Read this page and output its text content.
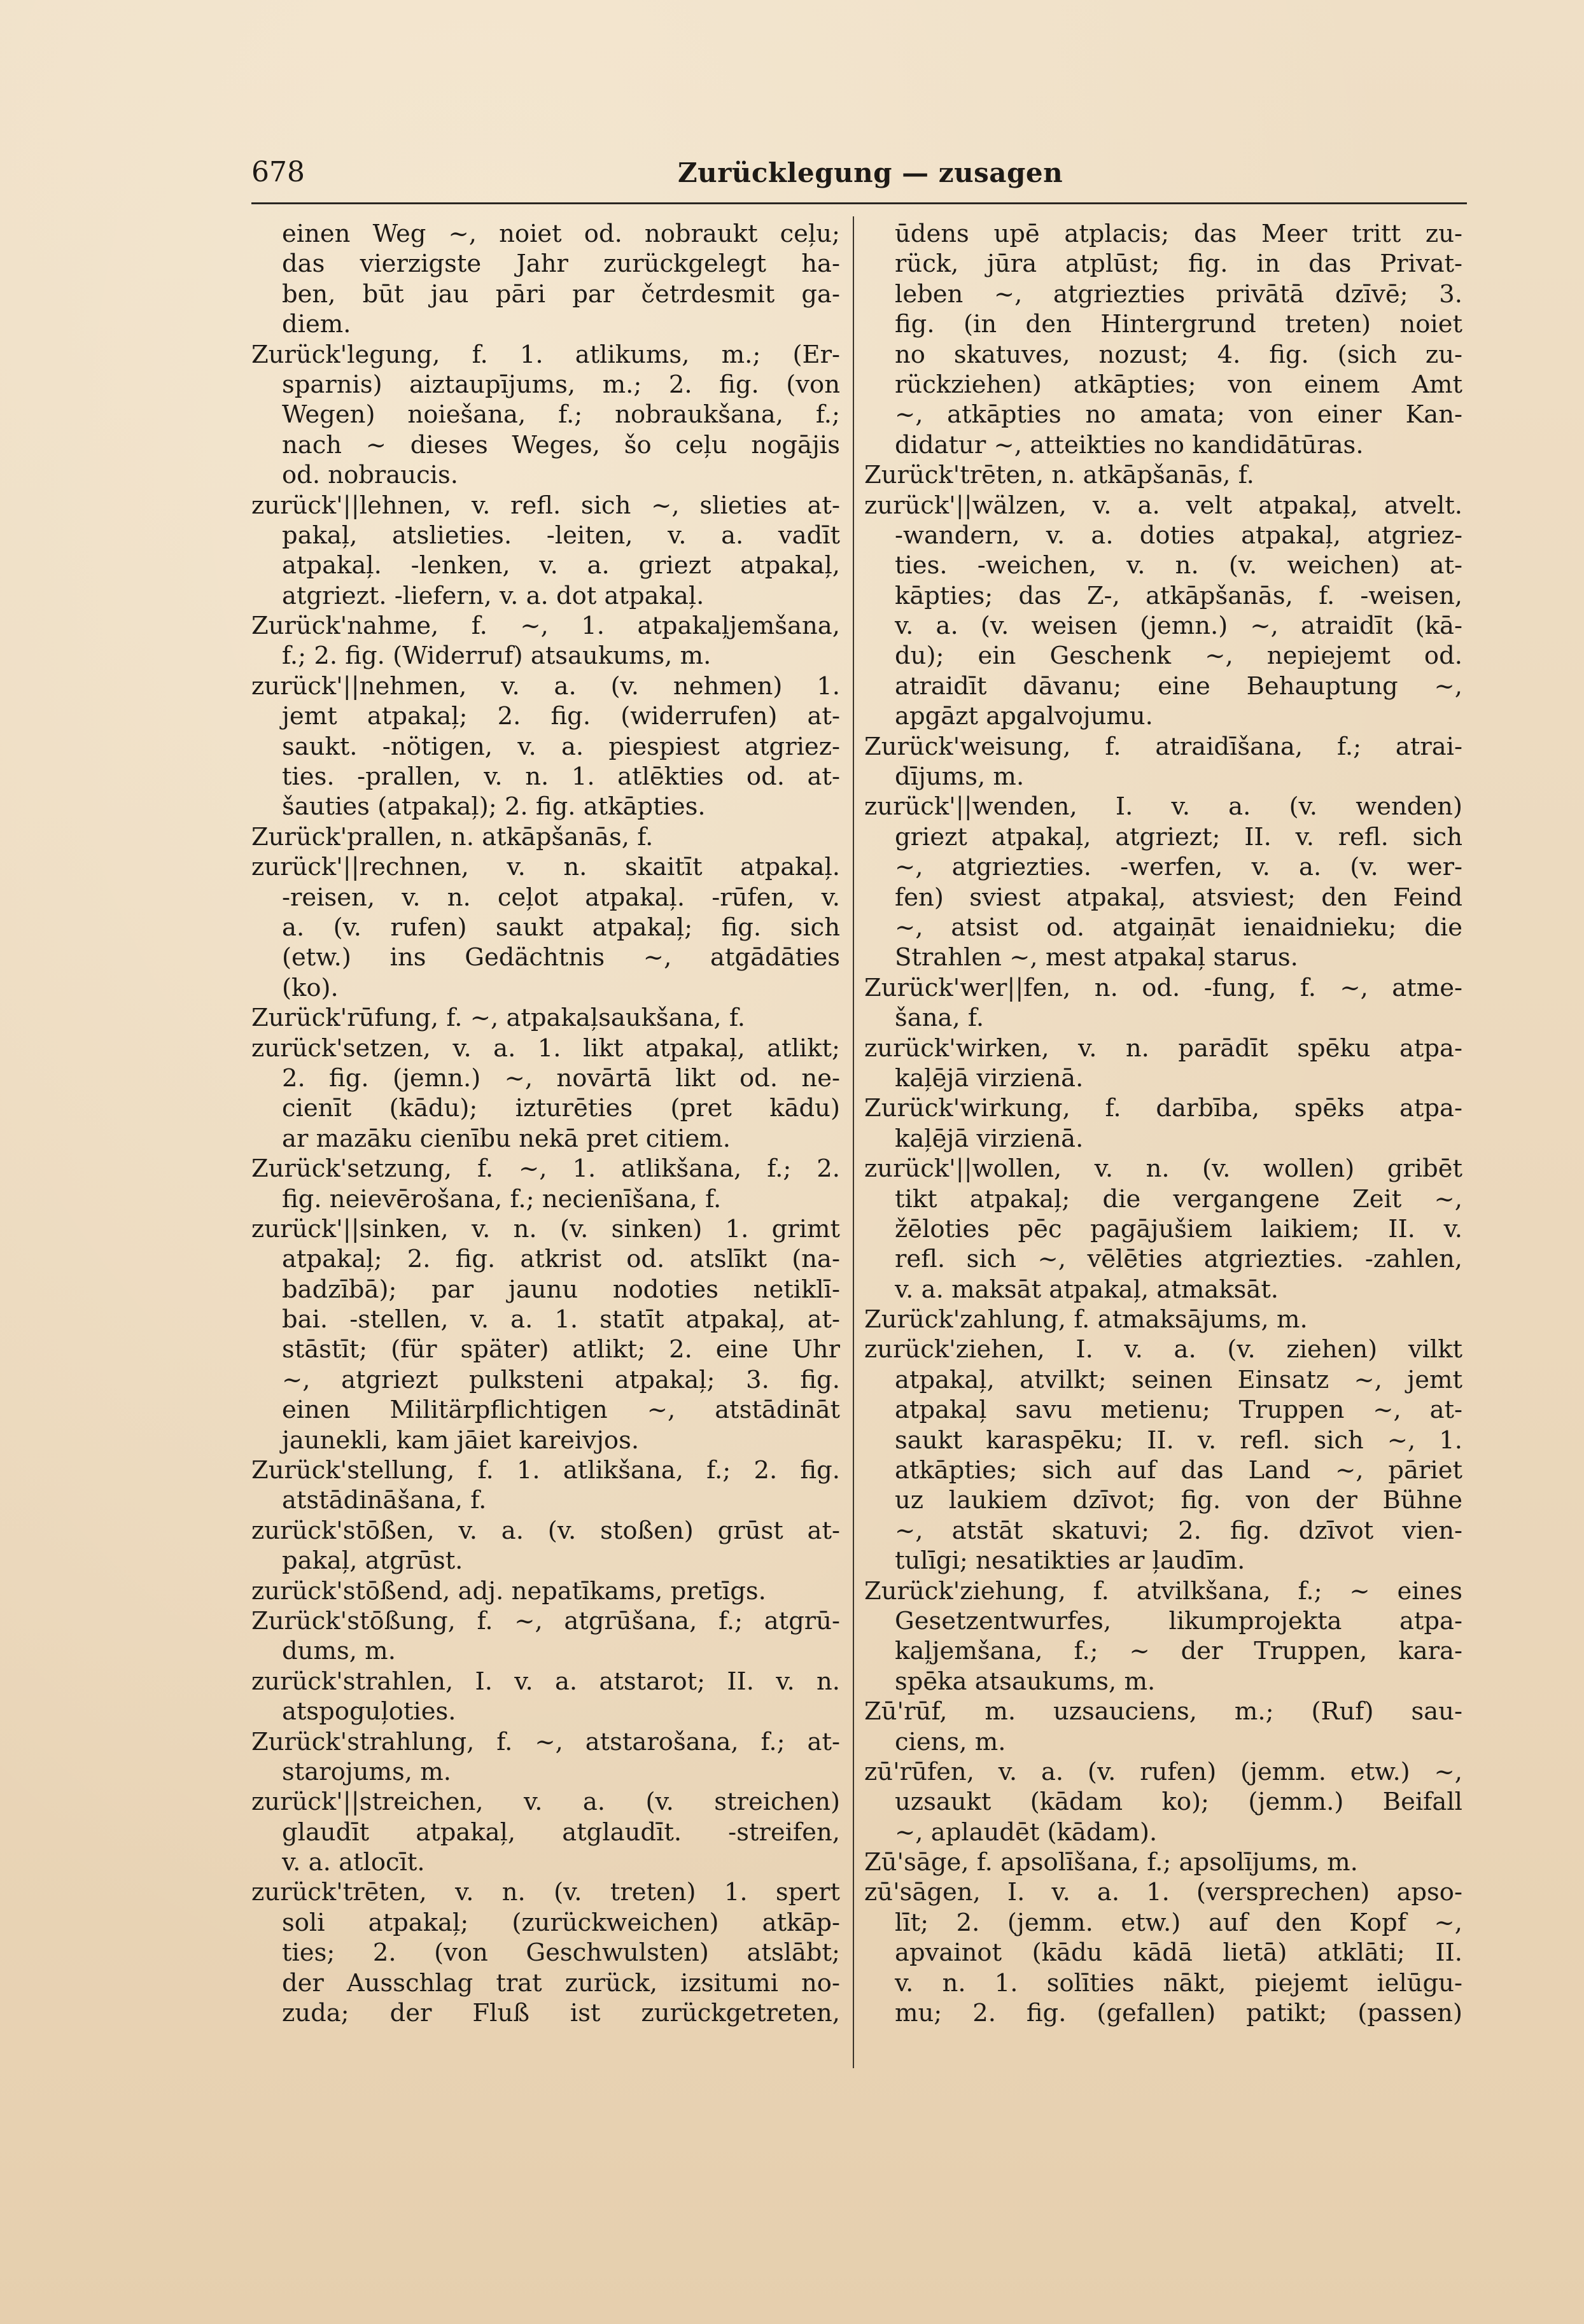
678	Zurücklegung — zusagen
einen Weg ~, noiet od. nobraukt ceļu;
das vierzigste Jahr zurückgelegt ha-
ben, būt jau pāri par četrdesmit ga-
diem.
Zurück'legung, f. 1. atlikums, m.; (Er-
sparnis) aiztaupījums, m.; 2. fig. (von
Wegen) noiešana, f.; nobraukšana, f.;
nach ~ dieses Weges, šo ceļu nogājis
od. nobraucis.
zurück'||lehnen, v. refl. sich ~, slieties at-
pakaļ, atslieties. -leiten, v. a. vadīt
atpakaļ. -lenken, v. a. griezt atpakaļ,
atgriezt. -liefern, v. a. dot atpakaļ.
Zurück'nahme, f. ~, 1. atpakaļjemšana,
f.; 2. fig. (Widerruf) atsaukums, m.
zurück'||nehmen, v. a. (v. nehmen) 1.
jemt atpakaļ; 2. fig. (widerrufen) at-
saukt. -nötigen, v. a. piespiest atgriez-
ties. -prallen, v. n. 1. atlēkties od. at-
šauties (atpakaļ); 2. fig. atkāpties.
Zurück'prallen, n. atkāpšanās, f.
zurück'||rechnen, v. n. skaitīt atpakaļ.
-reisen, v. n. ceļot atpakaļ. -rūfen, v.
a. (v. rufen) saukt atpakaļ; fig. sich
(etw.) ins Gedächtnis ~, atgādāties
(ko).
Zurück'rūfung, f. ~, atpakaļsaukšana, f.
zurück'setzen, v. a. 1. likt atpakaļ, atlikt;
2. fig. (jemn.) ~, novārtā likt od. ne-
cienīt (kādu); izturēties (pret kādu)
ar mazāku cienību nekā pret citiem.
Zurück'setzung, f. ~, 1. atlikšana, f.; 2.
fig. neievērošana, f.; necienīšana, f.
zurück'||sinken, v. n. (v. sinken) 1. grimt
atpakaļ; 2. fig. atkrist od. atslīkt (na-
badzībā); par jaunu nodoties netiklī-
bai. -stellen, v. a. 1. statīt atpakaļ, at-
stāstīt; (für später) atlikt; 2. eine Uhr
~, atgriezt pulksteni atpakaļ; 3. fig.
einen Militärpflichtigen ~, atstādināt
jaunekli, kam jāiet kareivjos.
Zurück'stellung, f. 1. atlikšana, f.; 2. fig.
atstādināšana, f.
zurück'stōßen, v. a. (v. stoßen) grūst at-
pakaļ, atgrūst.
zurück'stōßend, adj. nepatīkams, pretīgs.
Zurück'stōßung, f. ~, atgrūšana, f.; atgrū-
dums, m.
zurück'strahlen, I. v. a. atstarot; II. v. n.
atspoguļoties.
Zurück'strahlung, f. ~, atstarošana, f.; at-
starojums, m.
zurück'||streichen, v. a. (v. streichen)
glaudīt atpakaļ, atglaudīt. -streifen,
v. a. atlocīt.
zurück'trēten, v. n. (v. treten) 1. spert
soli atpakaļ; (zurückweichen) atkāp-
ties; 2. (von Geschwulsten) atslābt;
der Ausschlag trat zurück, izsitumi no-
zuda; der Fluß ist zurückgetreten,
ūdens upē atplacis; das Meer tritt zu-
rück, jūra atplūst; fig. in das Privat-
leben ~, atgriezties privātā dzīvē; 3.
fig. (in den Hintergrund treten) noiet
no skatuves, nozust; 4. fig. (sich zu-
rückziehen) atkāpties; von einem Amt
~, atkāpties no amata; von einer Kan-
didatur ~, atteikties no kandidātūras.
Zurück'trēten, n. atkāpšanās, f.
zurück'||wälzen, v. a. velt atpakaļ, atvelt.
-wandern, v. a. doties atpakaļ, atgriez-
ties. -weichen, v. n. (v. weichen) at-
kāpties; das Z-, atkāpšanās, f. -weisen,
v. a. (v. weisen (jemn.) ~, atraidīt (kā-
du); ein Geschenk ~, nepiejemt od.
atraidīt dāvanu; eine Behauptung ~,
apgāzt apgalvojumu.
Zurück'weisung, f. atraidīšana, f.; atrai-
dījums, m.
zurück'||wenden, I. v. a. (v. wenden)
griezt atpakaļ, atgriezt; II. v. refl. sich
~, atgriezties. -werfen, v. a. (v. wer-
fen) sviest atpakaļ, atsviest; den Feind
~, atsist od. atgaiņāt ienaidnieku; die
Strahlen ~, mest atpakaļ starus.
Zurück'wer||fen, n. od. -fung, f. ~, atme-
šana, f.
zurück'wirken, v. n. parādīt spēku atpa-
kaļējā virzienā.
Zurück'wirkung, f. darbība, spēks atpa-
kaļējā virzienā.
zurück'||wollen, v. n. (v. wollen) gribēt
tikt atpakaļ; die vergangene Zeit ~,
žēloties pēc pagājušiem laikiem; II. v.
refl. sich ~, vēlēties atgriezties. -zahlen,
v. a. maksāt atpakaļ, atmaksāt.
Zurück'zahlung, f. atmaksājums, m.
zurück'ziehen, I. v. a. (v. ziehen) vilkt
atpakaļ, atvilkt; seinen Einsatz ~, jemt
atpakaļ savu metienu; Truppen ~, at-
saukt karaspēku; II. v. refl. sich ~, 1.
atkāpties; sich auf das Land ~, pāriet
uz laukiem dzīvot; fig. von der Bühne
~, atstāt skatuvi; 2. fig. dzīvot vien-
tulīgi; nesatikties ar ļaudīm.
Zurück'ziehung, f. atvilkšana, f.; ~ eines
Gesetzentwurfes, likumprojekta atpa-
kaļjemšana, f.; ~ der Truppen, kara-
spēka atsaukums, m.
Zū'rūf, m. uzsauciens, m.; (Ruf) sau-
ciens, m.
zū'rūfen, v. a. (v. rufen) (jemm. etw.) ~,
uzsaukt (kādam ko); (jemm.) Beifall
~, aplaudēt (kādam).
Zū'sāge, f. apsolīšana, f.; apsolījums, m.
zū'sāgen, I. v. a. 1. (versprechen) apso-
līt; 2. (jemm. etw.) auf den Kopf ~,
apvainot (kādu kādā lietā) atklāti; II.
v. n. 1. solīties nākt, piejemt ielūgu-
mu; 2. fig. (gefallen) patikt; (passen)
